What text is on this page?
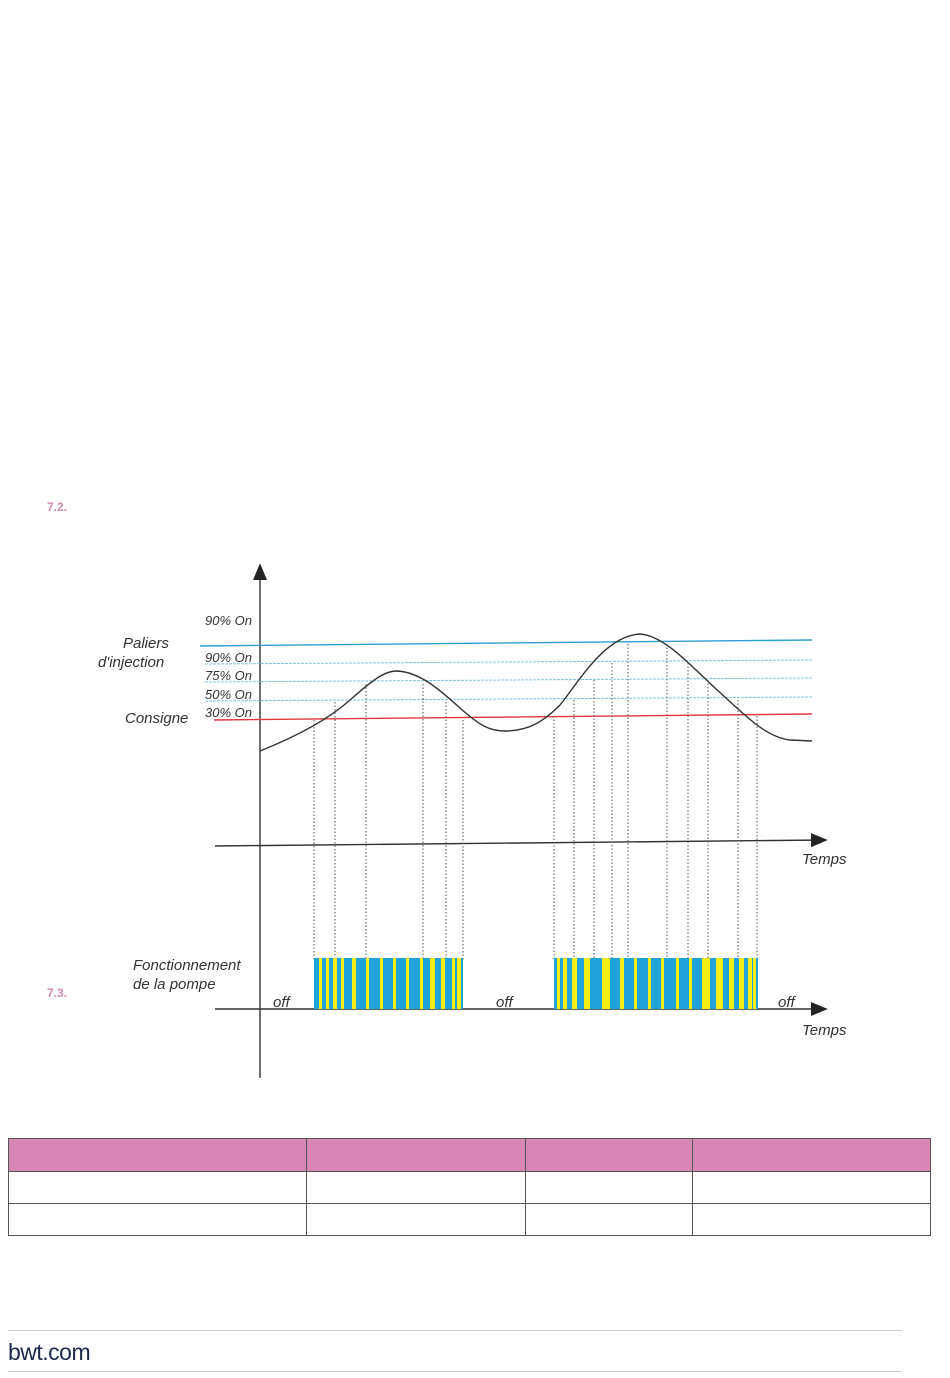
7.2.
7.3.
90% On
90% On
75% On
50% On
30% On
Paliers
d'injection
Consigne
Temps
Temps
Fonctionnement
de la pompe
off	off	off

bwt.com
